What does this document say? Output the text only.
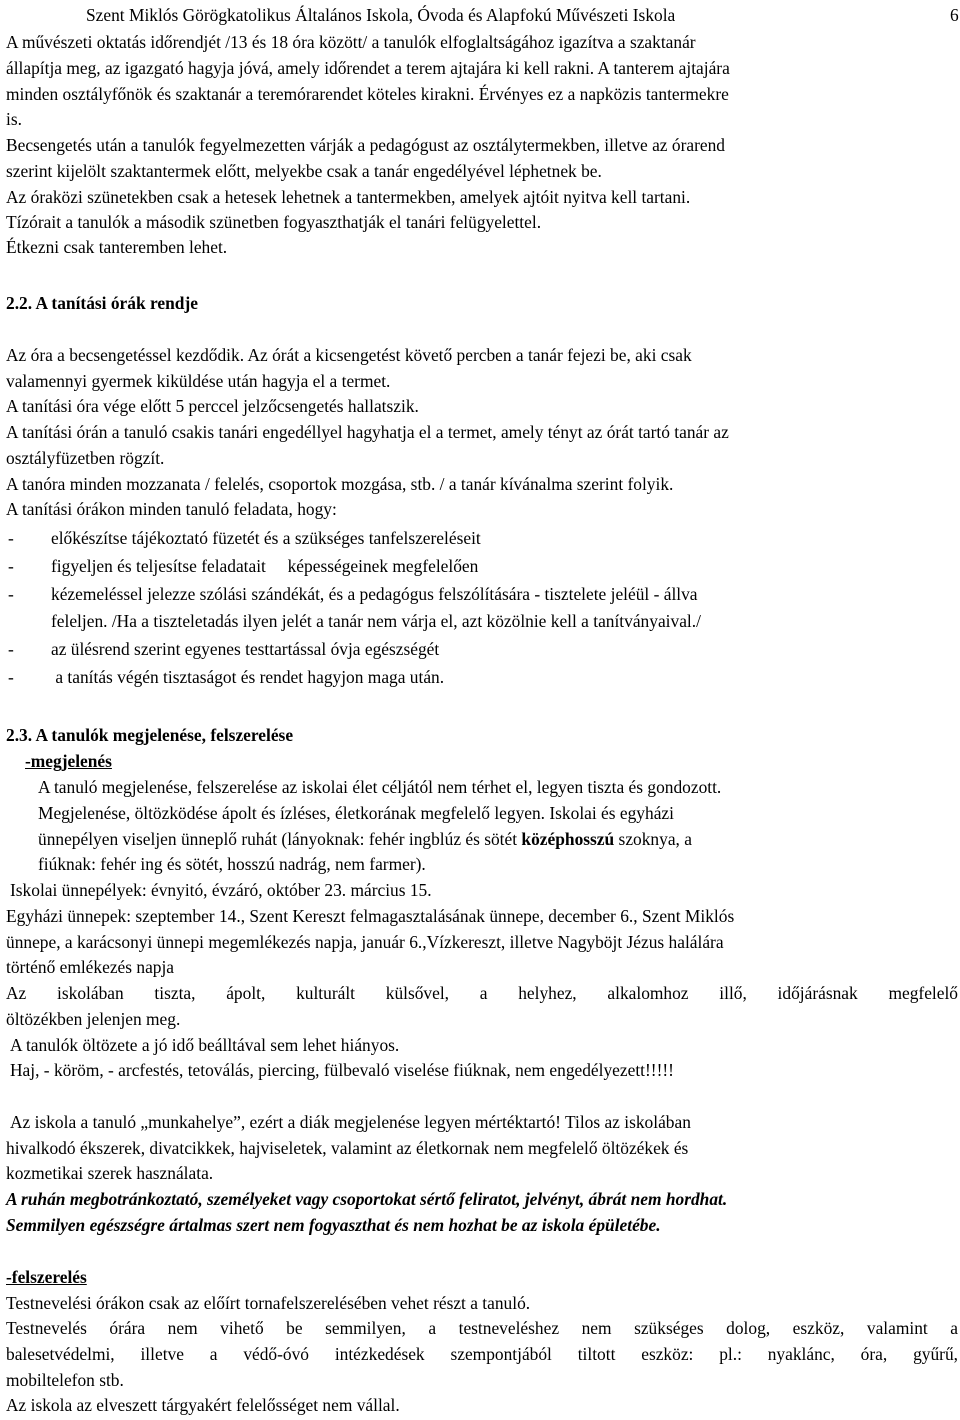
Szent Miklós Görögkatolikus Általános Iskola, Óvoda és Alapfokú Művészeti Iskola	6
A művészeti oktatás időrendjét /13 és 18 óra között/ a tanulók elfoglaltságához igazítva a szaktanár
állapítja meg, az igazgató hagyja jóvá, amely időrendet a terem ajtajára ki kell rakni. A tanterem ajtajára
minden osztályfőnök és szaktanár a teremórarendet köteles kirakni. Érvényes ez a napközis tantermekre
is.
Becsengetés után a tanulók fegyelmezetten várják a pedagógust az osztálytermekben, illetve az órarend
szerint kijelölt szaktantermek előtt, melyekbe csak a tanár engedélyével léphetnek be.
Az óraközi szünetekben csak a hetesek lehetnek a tantermekben, amelyek ajtóit nyitva kell tartani.
Tízórait a tanulók a második szünetben fogyaszthatják el tanári felügyelettel.
Étkezni csak tanteremben lehet.
2.2. A tanítási órák rendje
Az óra a becsengetéssel kezdődik. Az órát a kicsengetést követő percben a tanár fejezi be, aki csak
valamennyi gyermek kiküldése után hagyja el a termet.
A tanítási óra vége előtt 5 perccel jelzőcsengetés hallatszik.
A tanítási órán a tanuló csakis tanári engedéllyel hagyhatja el a termet, amely tényt az órát tartó tanár az
osztályfüzetben rögzít.
A tanóra minden mozzanata / felelés, csoportok mozgása, stb. / a tanár kívánalma szerint folyik.
A tanítási órákon minden tanuló feladata, hogy:
- előkészítse tájékoztató füzetét és a szükséges tanfelszereléseit
- figyeljen és teljesítse feladatait     képességeinek megfelelően
- kézemeléssel jelezze szólási szándékát, és a pedagógus felszólítására - tisztelete jeléül - állva
feleljen. /Ha a tiszteletadás ilyen jelét a tanár nem várja el, azt közölnie kell a tanítványaival./
- az ülésrend szerint egyenes testtartással óvja egészségét
- a tanítás végén tisztaságot és rendet hagyjon maga után.
2.3. A tanulók megjelenése, felszerelése
-megjelenés
A tanuló megjelenése, felszerelése az iskolai élet céljától nem térhet el, legyen tiszta és gondozott.
Megjelenése, öltözködése ápolt és ízléses, életkorának megfelelő legyen. Iskolai és egyházi
ünnepélyen viseljen ünneplő ruhát (lányoknak: fehér ingblúz és sötét középhosszú szoknya, a
fiúknak: fehér ing és sötét, hosszú nadrág, nem farmer).
Iskolai ünnepélyek: évnyitó, évzáró, október 23. március 15.
Egyházi ünnepek: szeptember 14., Szent Kereszt felmagasztalásának ünnepe, december 6., Szent Miklós
ünnepe, a karácsonyi ünnepi megemlékezés napja, január 6.,Vízkereszt, illetve Nagyböjt Jézus halálára
történő emlékezés napja
Az iskolában tiszta, ápolt, kulturált külsővel, a helyhez, alkalomhoz illő, időjárásnak megfelelő
öltözékben jelenjen meg.
A tanulók öltözete a jó idő beálltával sem lehet hiányos.
Haj, - köröm, - arcfestés, tetoválás, piercing, fülbevaló viselése fiúknak, nem engedélyezett!!!!!
Az iskola a tanuló „munkahelye”, ezért a diák megjelenése legyen mértéktartó! Tilos az iskolában
hivalkodó ékszerek, divatcikkek, hajviseletek, valamint az életkornak nem megfelelő öltözékek és
kozmetikai szerek használata.
A ruhán megbotránkoztató, személyeket vagy csoportokat sértő feliratot, jelvényt, ábrát nem hordhat.
Semmilyen egészségre ártalmas szert nem fogyaszthat és nem hozhat be az iskola épületébe.
-felszerelés
Testnevelési órákon csak az előírt tornafelszerelésében vehet részt a tanuló.
Testnevelés órára nem vihető be semmilyen, a testneveléshez nem szükséges dolog, eszköz, valamint a
balesetvédelmi, illetve a védő-óvó intézkedések szempontjából tiltott eszköz: pl.: nyaklánc, óra, gyűrű,
mobiltelefon stb.
Az iskola az elveszett tárgyakért felelősséget nem vállal.
